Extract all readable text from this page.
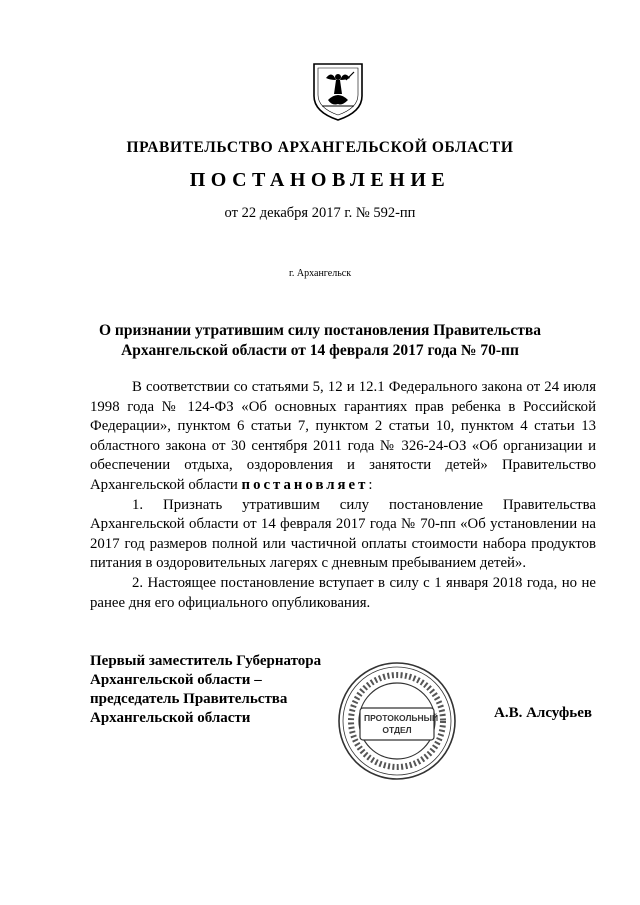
ПРАВИТЕЛЬСТВО АРХАНГЕЛЬСКОЙ ОБЛАСТИ
ПОСТАНОВЛЕНИЕ
от 22 декабря 2017 г. № 592-пп
г. Архангельск
О признании утратившим силу постановления Правительства
Архангельской области от 14 февраля 2017 года № 70-пп

В соответствии со статьями 5, 12 и 12.1 Федерального закона от 24 июля 1998 года № 124-ФЗ «Об основных гарантиях прав ребенка в Российской Федерации», пунктом 6 статьи 7, пунктом 2 статьи 10, пунктом 4 статьи 13 областного закона от 30 сентября 2011 года № 326-24-ОЗ «Об организации и обеспечении отдыха, оздоровления и занятости детей» Правительство Архангельской области постановляет:

1. Признать утратившим силу постановление Правительства Архангельской области от 14 февраля 2017 года № 70-пп «Об установлении на 2017 год размеров полной или частичной оплаты стоимости набора продуктов питания в оздоровительных лагерях с дневным пребыванием детей».

2. Настоящее постановление вступает в силу с 1 января 2018 года, но не ранее дня его официального опубликования.

Первый заместитель Губернатора
Архангельской области –
председатель Правительства
Архангельской области	ПРОТОКОЛЬНЫЙ
ОТДЕЛ
А.В. Алсуфьев
